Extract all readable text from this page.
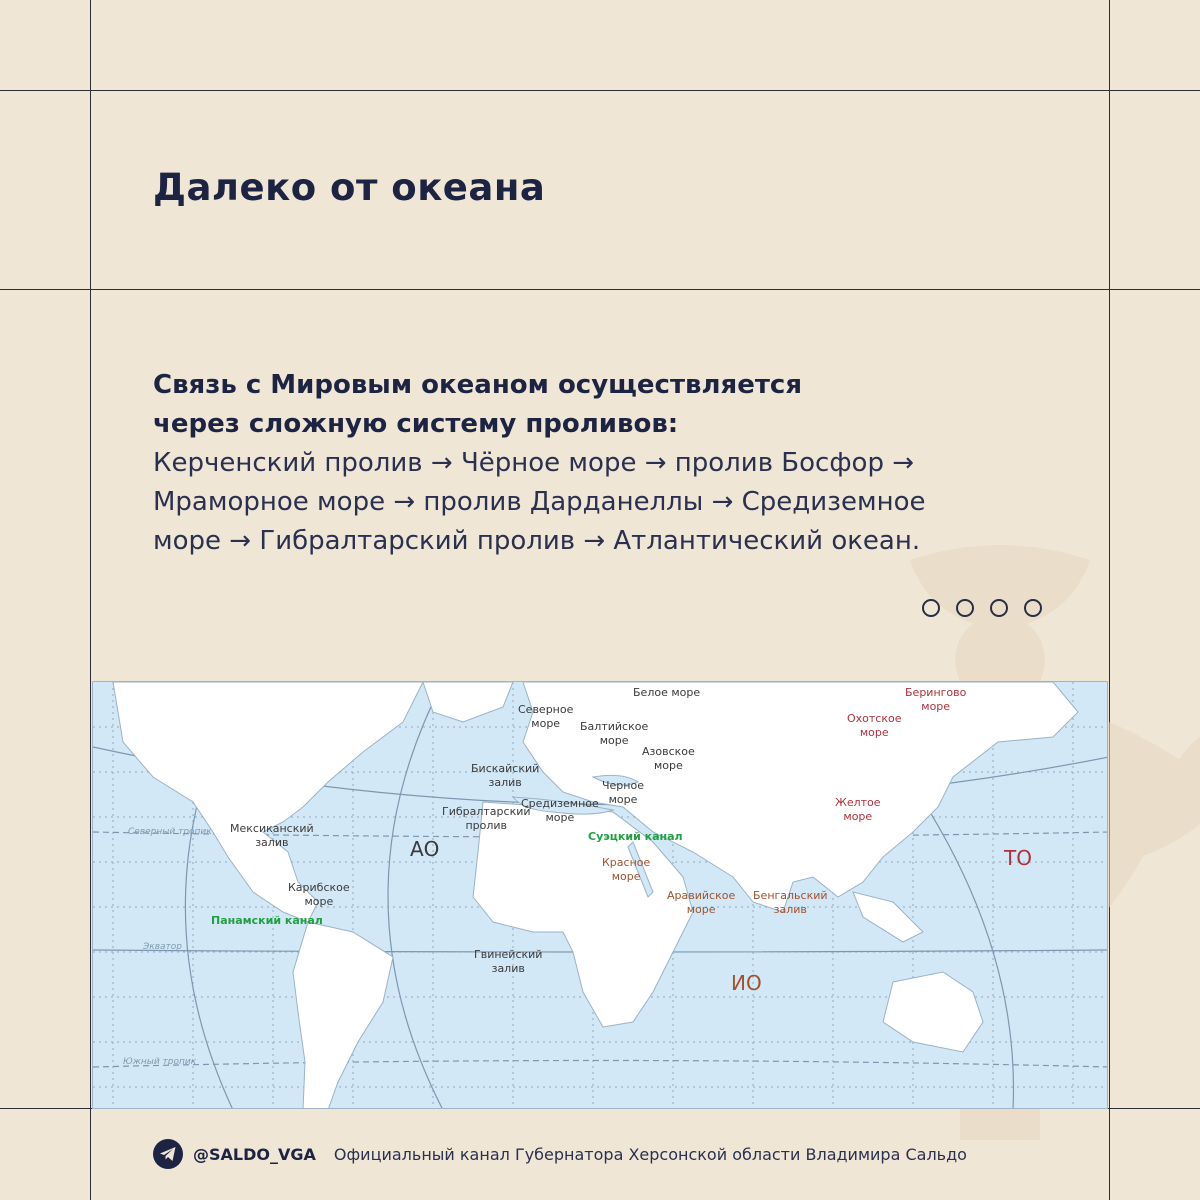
Далеко от океана
Связь с Мировым океаном осуществляется
через сложную систему проливов:
Керченский пролив → Чёрное море → пролив Босфор →
Мраморное море → пролив Дарданеллы → Средиземное
море → Гибралтарский пролив → Атлантический океан.
Белое море	Берингово
море
Северное
море	Балтийское
море
Охотское
море
Азовское
море
Бискайский
залив	Черное
море
Гибралтарский
пролив
Средиземное
море
Желтое
море
Мексиканский
залив	Суэцкий канал
Красное
море
АО	ТО
Карибское
море
Панамский канал
Аравийское
море
Бенгальский
залив
Гвинейский
залив
ИО
Северный тропик
Экватор
Южный тропик
@SALDO_VGA Официальный канал Губернатора Херсонской области Владимира Сальдо
